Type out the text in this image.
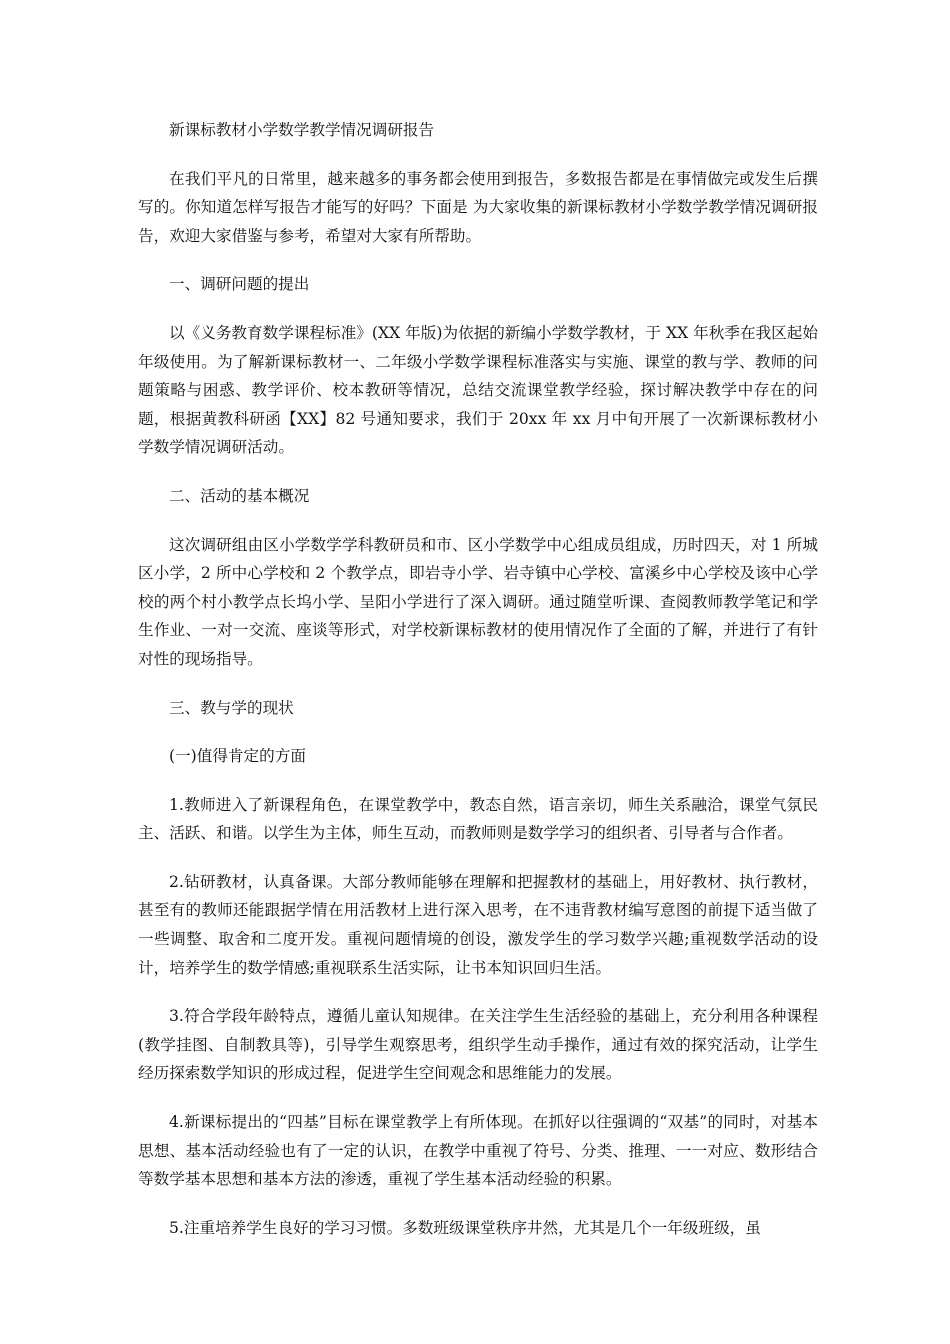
新课标教材小学数学教学情况调研报告

在我们平凡的日常里，越来越多的事务都会使用到报告，多数报告都是在事情做完或发生后撰写的。你知道怎样写报告才能写的好吗？下面是 为大家收集的新课标教材小学数学教学情况调研报告，欢迎大家借鉴与参考，希望对大家有所帮助。

一、调研问题的提出

以《义务教育数学课程标准》(XX 年版)为依据的新编小学数学教材，于 XX 年秋季在我区起始年级使用。为了解新课标教材一、二年级小学数学课程标准落实与实施、课堂的教与学、教师的问题策略与困惑、教学评价、校本教研等情况，总结交流课堂教学经验，探讨解决教学中存在的问题，根据黄教科研函【XX】82 号通知要求，我们于 20xx 年 xx 月中旬开展了一次新课标教材小学数学情况调研活动。

二、活动的基本概况

这次调研组由区小学数学学科教研员和市、区小学数学中心组成员组成，历时四天，对 1 所城区小学，2 所中心学校和 2 个教学点，即岩寺小学、岩寺镇中心学校、富溪乡中心学校及该中心学校的两个村小教学点长坞小学、呈阳小学进行了深入调研。通过随堂听课、查阅教师教学笔记和学生作业、一对一交流、座谈等形式，对学校新课标教材的使用情况作了全面的了解，并进行了有针对性的现场指导。

三、教与学的现状

(一)值得肯定的方面

1.教师进入了新课程角色，在课堂教学中，教态自然，语言亲切，师生关系融洽，课堂气氛民主、活跃、和谐。以学生为主体，师生互动，而教师则是数学学习的组织者、引导者与合作者。

2.钻研教材，认真备课。大部分教师能够在理解和把握教材的基础上，用好教材、执行教材，甚至有的教师还能跟据学情在用活教材上进行深入思考，在不违背教材编写意图的前提下适当做了一些调整、取舍和二度开发。重视问题情境的创设，激发学生的学习数学兴趣;重视数学活动的设计，培养学生的数学情感;重视联系生活实际，让书本知识回归生活。

3.符合学段年龄特点，遵循儿童认知规律。在关注学生生活经验的基础上，充分利用各种课程 (教学挂图、自制教具等)，引导学生观察思考，组织学生动手操作，通过有效的探究活动，让学生经历探索数学知识的形成过程，促进学生空间观念和思维能力的发展。

4.新课标提出的“四基”目标在课堂教学上有所体现。在抓好以往强调的“双基”的同时，对基本思想、基本活动经验也有了一定的认识，在教学中重视了符号、分类、推理、一一对应、数形结合等数学基本思想和基本方法的渗透，重视了学生基本活动经验的积累。

5.注重培养学生良好的学习习惯。多数班级课堂秩序井然，尤其是几个一年级班级，虽
